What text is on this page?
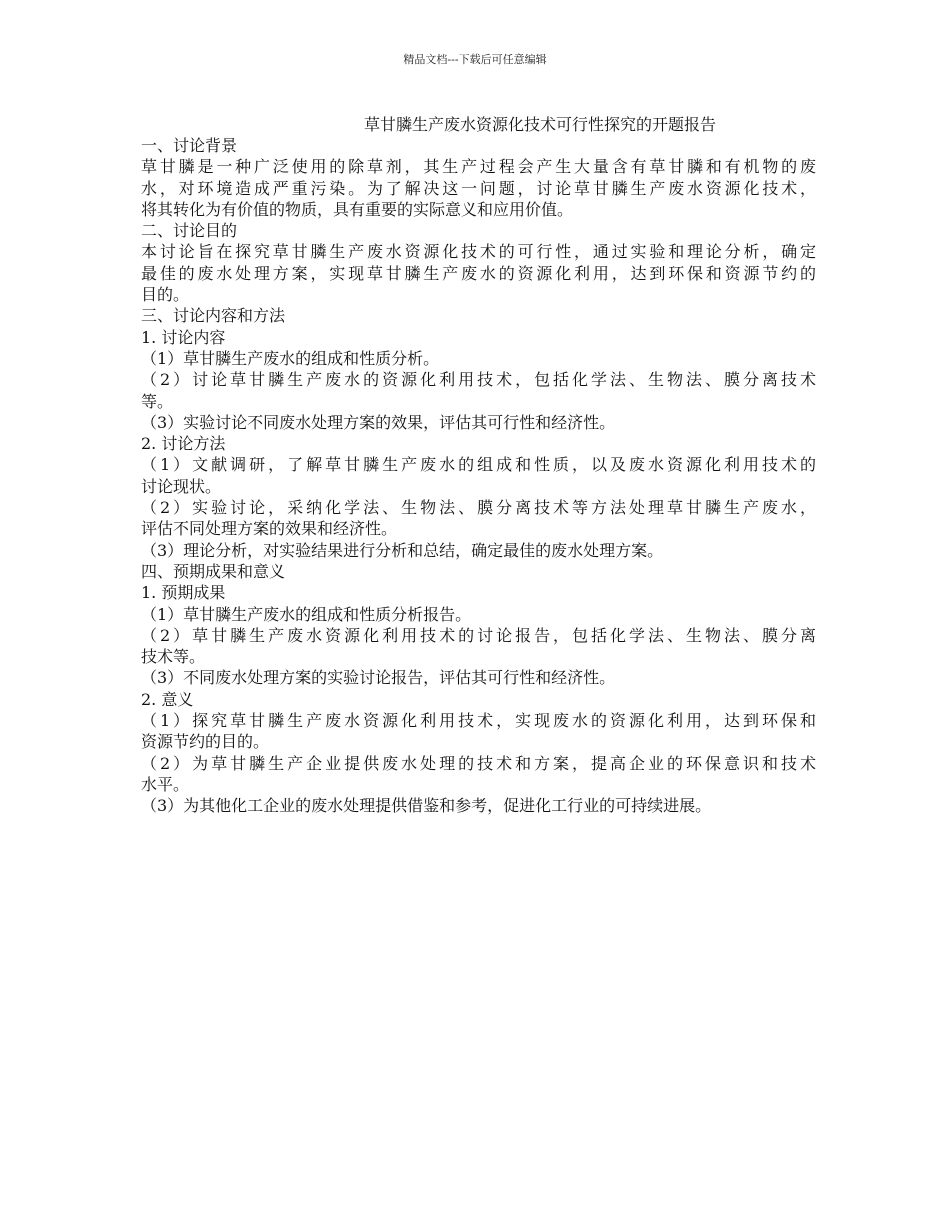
精品文档---下载后可任意编辑
草甘膦生产废水资源化技术可行性探究的开题报告
一、讨论背景
草甘膦是一种广泛使用的除草剂，其生产过程会产生大量含有草甘膦和有机物的废
水，对环境造成严重污染。为了解决这一问题，讨论草甘膦生产废水资源化技术，
将其转化为有价值的物质，具有重要的实际意义和应用价值。
二、讨论目的
本讨论旨在探究草甘膦生产废水资源化技术的可行性，通过实验和理论分析，确定
最佳的废水处理方案，实现草甘膦生产废水的资源化利用，达到环保和资源节约的
目的。
三、讨论内容和方法
1. 讨论内容
（1）草甘膦生产废水的组成和性质分析。
（2）讨论草甘膦生产废水的资源化利用技术，包括化学法、生物法、膜分离技术
等。
（3）实验讨论不同废水处理方案的效果，评估其可行性和经济性。
2. 讨论方法
（1）文献调研，了解草甘膦生产废水的组成和性质，以及废水资源化利用技术的
讨论现状。
（2）实验讨论，采纳化学法、生物法、膜分离技术等方法处理草甘膦生产废水，
评估不同处理方案的效果和经济性。
（3）理论分析，对实验结果进行分析和总结，确定最佳的废水处理方案。
四、预期成果和意义
1. 预期成果
（1）草甘膦生产废水的组成和性质分析报告。
（2）草甘膦生产废水资源化利用技术的讨论报告，包括化学法、生物法、膜分离
技术等。
（3）不同废水处理方案的实验讨论报告，评估其可行性和经济性。
2. 意义
（1）探究草甘膦生产废水资源化利用技术，实现废水的资源化利用，达到环保和
资源节约的目的。
（2）为草甘膦生产企业提供废水处理的技术和方案，提高企业的环保意识和技术
水平。
（3）为其他化工企业的废水处理提供借鉴和参考，促进化工行业的可持续进展。
